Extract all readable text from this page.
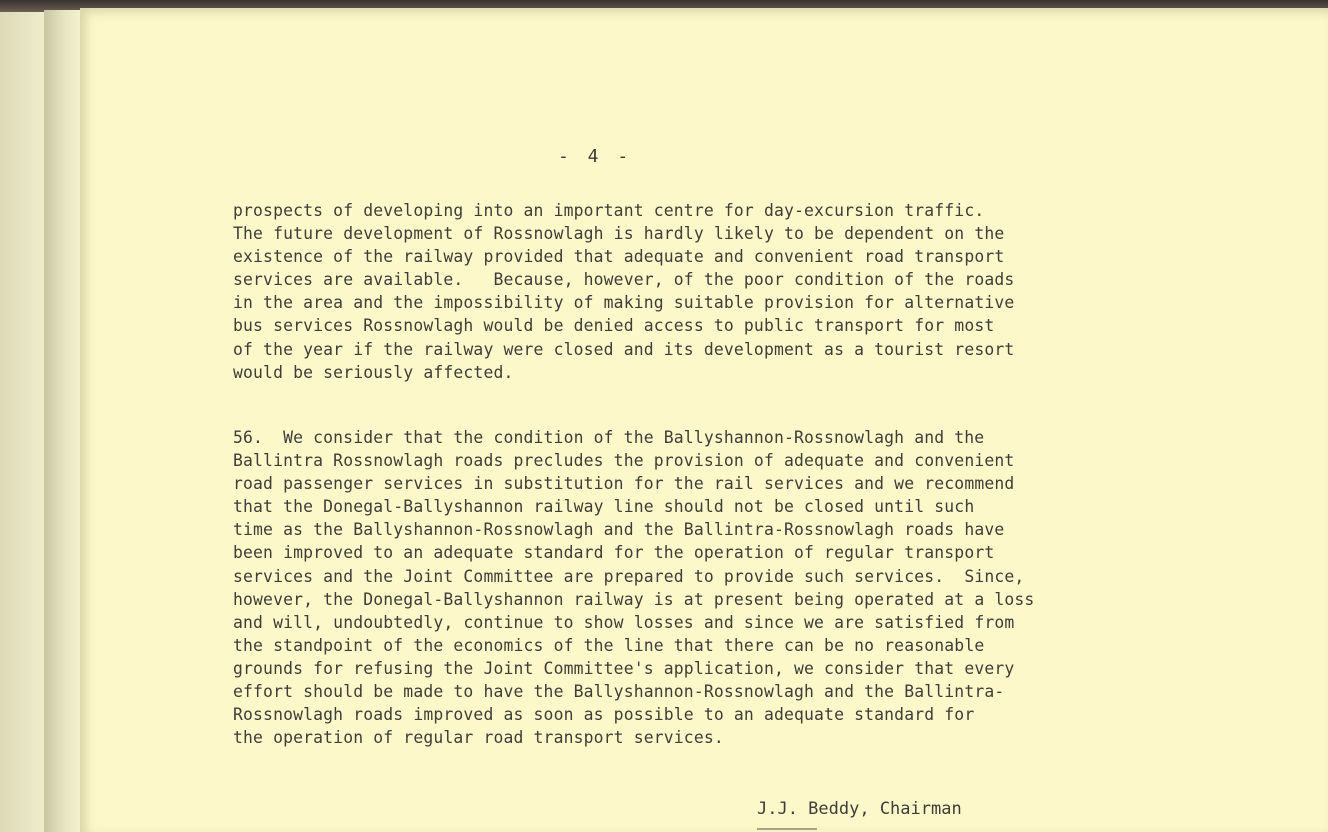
- 4 -

prospects of developing into an important centre for day-excursion traffic.
The future development of Rossnowlagh is hardly likely to be dependent on the
existence of the railway provided that adequate and convenient road transport
services are available.   Because, however, of the poor condition of the roads
in the area and the impossibility of making suitable provision for alternative
bus services Rossnowlagh would be denied access to public transport for most
of the year if the railway were closed and its development as a tourist resort
would be seriously affected.

56. We consider that the condition of the Ballyshannon-Rossnowlagh and the
Ballintra Rossnowlagh roads precludes the provision of adequate and convenient
road passenger services in substitution for the rail services and we recommend
that the Donegal-Ballyshannon railway line should not be closed until such
time as the Ballyshannon-Rossnowlagh and the Ballintra-Rossnowlagh roads have
been improved to an adequate standard for the operation of regular transport
services and the Joint Committee are prepared to provide such services.  Since,
however, the Donegal-Ballyshannon railway is at present being operated at a loss
and will, undoubtedly, continue to show losses and since we are satisfied from
the standpoint of the economics of the line that there can be no reasonable
grounds for refusing the Joint Committee's application, we consider that every
effort should be made to have the Ballyshannon-Rossnowlagh and the Ballintra-
Rossnowlagh roads improved as soon as possible to an adequate standard for
the operation of regular road transport services.

J.J. Beddy, Chairman
